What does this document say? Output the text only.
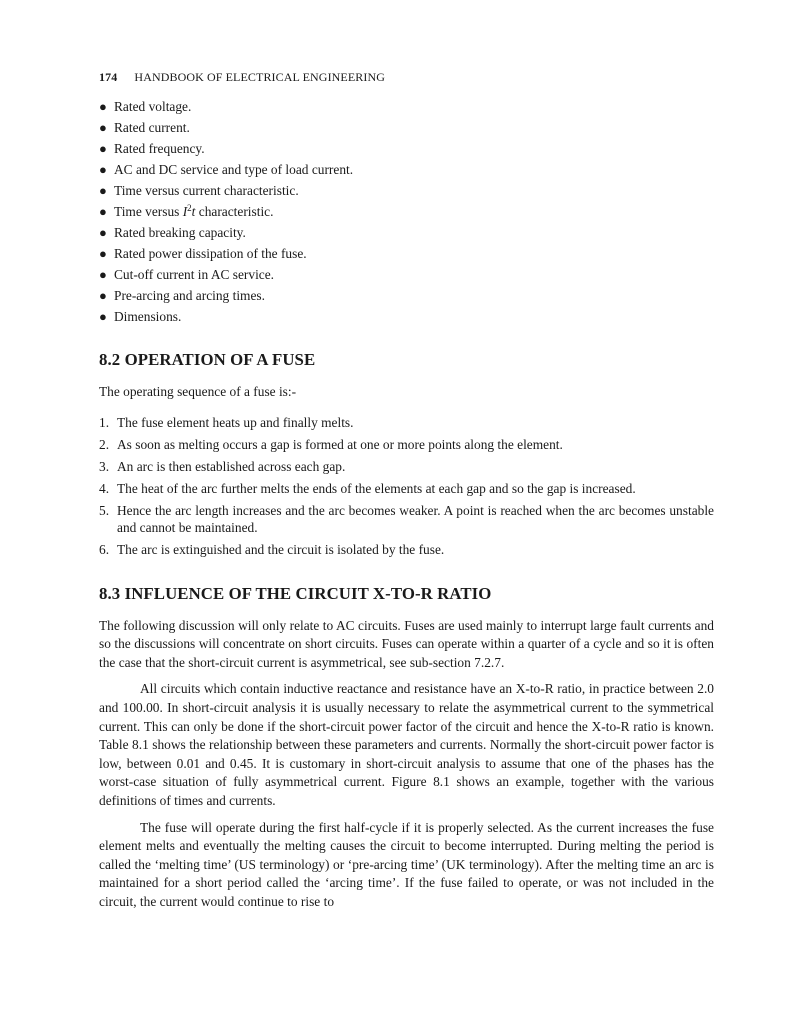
174 HANDBOOK OF ELECTRICAL ENGINEERING
● Rated voltage.
● Rated current.
● Rated frequency.
● AC and DC service and type of load current.
● Time versus current characteristic.
● Time versus $I^2t$ characteristic.
● Rated breaking capacity.
● Rated power dissipation of the fuse.
● Cut-off current in AC service.
● Pre-arcing and arcing times.
● Dimensions.
8.2 OPERATION OF A FUSE

The operating sequence of a fuse is:-

1. The fuse element heats up and finally melts.
2. As soon as melting occurs a gap is formed at one or more points along the element.
3. An arc is then established across each gap.
4. The heat of the arc further melts the ends of the elements at each gap and so the gap is increased.
5. Hence the arc length increases and the arc becomes weaker. A point is reached when the arc becomes unstable and cannot be maintained.
6. The arc is extinguished and the circuit is isolated by the fuse.
8.3 INFLUENCE OF THE CIRCUIT X-TO-R RATIO

The following discussion will only relate to AC circuits. Fuses are used mainly to interrupt large fault currents and so the discussions will concentrate on short circuits. Fuses can operate within a quarter of a cycle and so it is often the case that the short-circuit current is asymmetrical, see sub-section 7.2.7.

All circuits which contain inductive reactance and resistance have an X-to-R ratio, in practice between 2.0 and 100.00. In short-circuit analysis it is usually necessary to relate the asymmetrical current to the symmetrical current. This can only be done if the short-circuit power factor of the circuit and hence the X-to-R ratio is known. Table 8.1 shows the relationship between these parameters and currents. Normally the short-circuit power factor is low, between 0.01 and 0.45. It is customary in short-circuit analysis to assume that one of the phases has the worst-case situation of fully asymmetrical current. Figure 8.1 shows an example, together with the various definitions of times and currents.

The fuse will operate during the first half-cycle if it is properly selected. As the current increases the fuse element melts and eventually the melting causes the circuit to become interrupted. During melting the period is called the ‘melting time’ (US terminology) or ‘pre-arcing time’ (UK terminology). After the melting time an arc is maintained for a short period called the ‘arcing time’. If the fuse failed to operate, or was not included in the circuit, the current would continue to rise to
